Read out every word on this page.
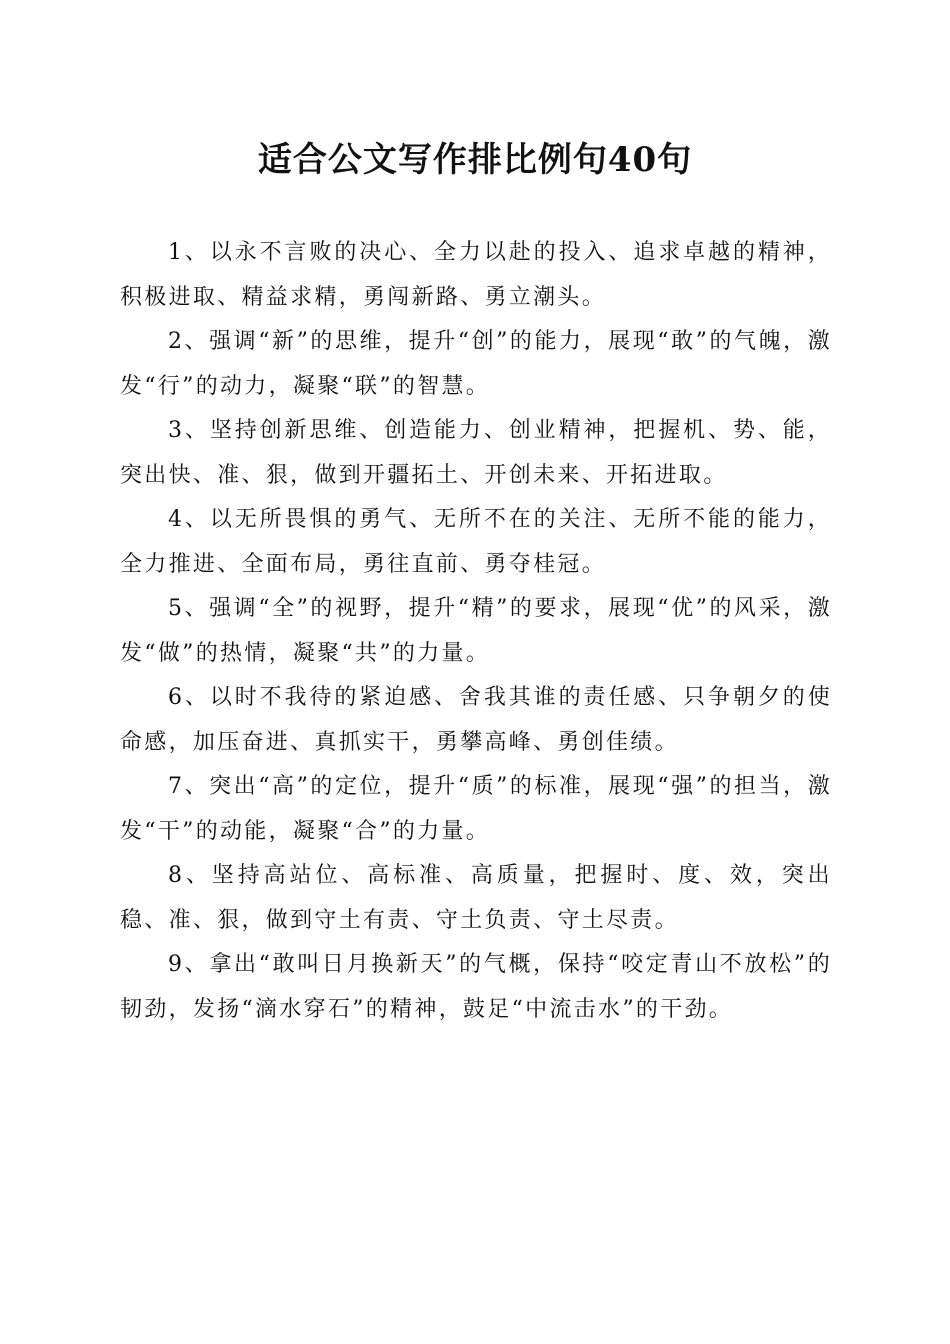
适合公文写作排比例句40句

1、以永不言败的决心、全力以赴的投入、追求卓越的精神，积极进取、精益求精，勇闯新路、勇立潮头。

2、强调“新”的思维，提升“创”的能力，展现“敢”的气魄，激发“行”的动力，凝聚“联”的智慧。

3、坚持创新思维、创造能力、创业精神，把握机、势、能，突出快、准、狠，做到开疆拓土、开创未来、开拓进取。

4、以无所畏惧的勇气、无所不在的关注、无所不能的能力，全力推进、全面布局，勇往直前、勇夺桂冠。

5、强调“全”的视野，提升“精”的要求，展现“优”的风采，激发“做”的热情，凝聚“共”的力量。

6、以时不我待的紧迫感、舍我其谁的责任感、只争朝夕的使命感，加压奋进、真抓实干，勇攀高峰、勇创佳绩。

7、突出“高”的定位，提升“质”的标准，展现“强”的担当，激发“干”的动能，凝聚“合”的力量。

8、坚持高站位、高标准、高质量，把握时、度、效，突出稳、准、狠，做到守土有责、守土负责、守土尽责。

9、拿出“敢叫日月换新天”的气概，保持“咬定青山不放松”的韧劲，发扬“滴水穿石”的精神，鼓足“中流击水”的干劲。
